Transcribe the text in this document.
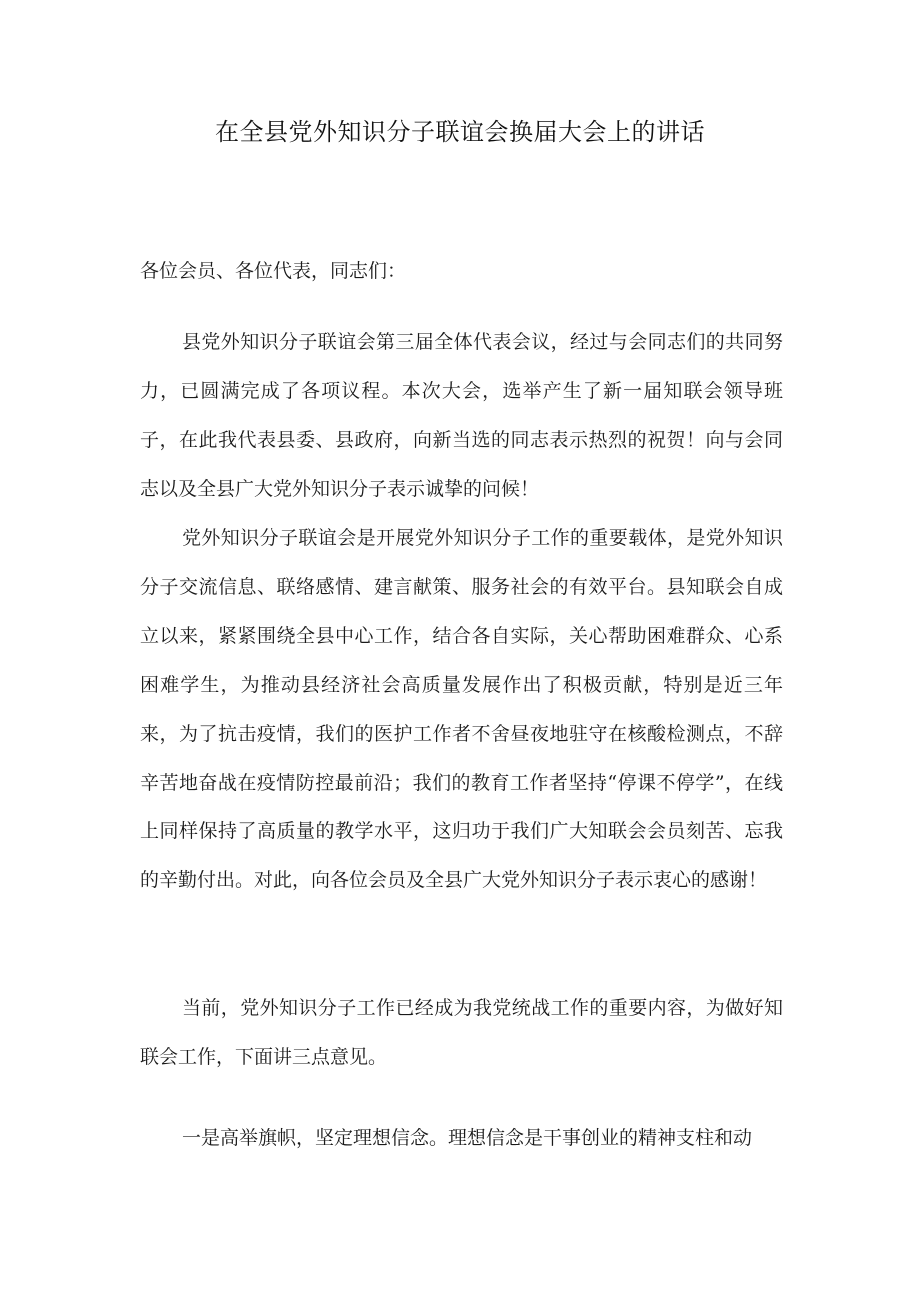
在全县党外知识分子联谊会换届大会上的讲话
各位会员、各位代表，同志们：
县党外知识分子联谊会第三届全体代表会议，经过与会同志们的共同努力，已圆满完成了各项议程。本次大会，选举产生了新一届知联会领导班子，在此我代表县委、县政府，向新当选的同志表示热烈的祝贺！向与会同志以及全县广大党外知识分子表示诚挚的问候！
党外知识分子联谊会是开展党外知识分子工作的重要载体，是党外知识分子交流信息、联络感情、建言献策、服务社会的有效平台。县知联会自成立以来，紧紧围绕全县中心工作，结合各自实际，关心帮助困难群众、心系困难学生，为推动县经济社会高质量发展作出了积极贡献，特别是近三年来，为了抗击疫情，我们的医护工作者不舍昼夜地驻守在核酸检测点，不辞辛苦地奋战在疫情防控最前沿；我们的教育工作者坚持“停课不停学”，在线上同样保持了高质量的教学水平，这归功于我们广大知联会会员刻苦、忘我的辛勤付出。对此，向各位会员及全县广大党外知识分子表示衷心的感谢！
当前，党外知识分子工作已经成为我党统战工作的重要内容，为做好知联会工作，下面讲三点意见。
一是高举旗帜，坚定理想信念。理想信念是干事创业的精神支柱和动
